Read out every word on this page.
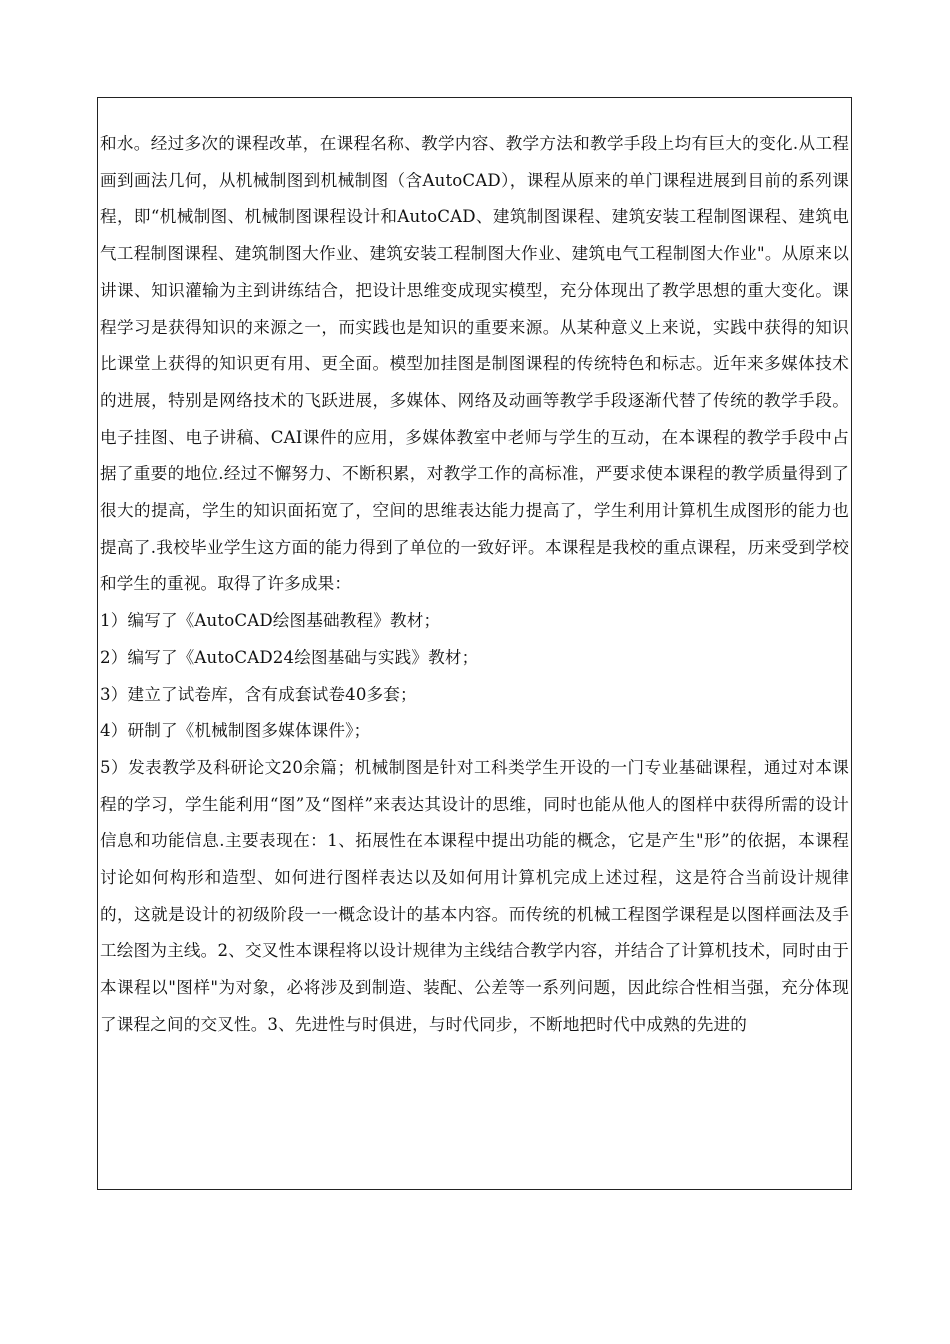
和水。经过多次的课程改革，在课程名称、教学内容、教学方法和教学手段上均有巨大的变化.从工程画到画法几何，从机械制图到机械制图（含AutoCAD），课程从原来的单门课程进展到目前的系列课程，即“机械制图、机械制图课程设计和AutoCAD、建筑制图课程、建筑安装工程制图课程、建筑电气工程制图课程、建筑制图大作业、建筑安装工程制图大作业、建筑电气工程制图大作业"。从原来以讲课、知识灌输为主到讲练结合，把设计思维变成现实模型，充分体现出了教学思想的重大变化。课程学习是获得知识的来源之一，而实践也是知识的重要来源。从某种意义上来说，实践中获得的知识比课堂上获得的知识更有用、更全面。模型加挂图是制图课程的传统特色和标志。近年来多媒体技术的进展，特别是网络技术的飞跃进展，多媒体、网络及动画等教学手段逐渐代替了传统的教学手段。电子挂图、电子讲稿、CAI课件的应用，多媒体教室中老师与学生的互动，在本课程的教学手段中占据了重要的地位.经过不懈努力、不断积累，对教学工作的高标准，严要求使本课程的教学质量得到了很大的提高，学生的知识面拓宽了，空间的思维表达能力提高了，学生利用计算机生成图形的能力也提高了.我校毕业学生这方面的能力得到了单位的一致好评。本课程是我校的重点课程，历来受到学校和学生的重视。取得了许多成果：

1）编写了《AutoCAD绘图基础教程》教材；

2）编写了《AutoCAD24绘图基础与实践》教材；

3）建立了试卷库，含有成套试卷40多套；

4）研制了《机械制图多媒体课件》；

5）发表教学及科研论文20余篇；机械制图是针对工科类学生开设的一门专业基础课程，通过对本课程的学习，学生能利用“图”及“图样”来表达其设计的思维，同时也能从他人的图样中获得所需的设计信息和功能信息.主要表现在：1、拓展性在本课程中提出功能的概念，它是产生"形”的依据，本课程讨论如何构形和造型、如何进行图样表达以及如何用计算机完成上述过程，这是符合当前设计规律的，这就是设计的初级阶段一一概念设计的基本内容。而传统的机械工程图学课程是以图样画法及手工绘图为主线。2、交叉性本课程将以设计规律为主线结合教学内容，并结合了计算机技术，同时由于本课程以"图样"为对象，必将涉及到制造、装配、公差等一系列问题，因此综合性相当强，充分体现了课程之间的交叉性。3、先进性与时俱进，与时代同步，不断地把时代中成熟的先进的
